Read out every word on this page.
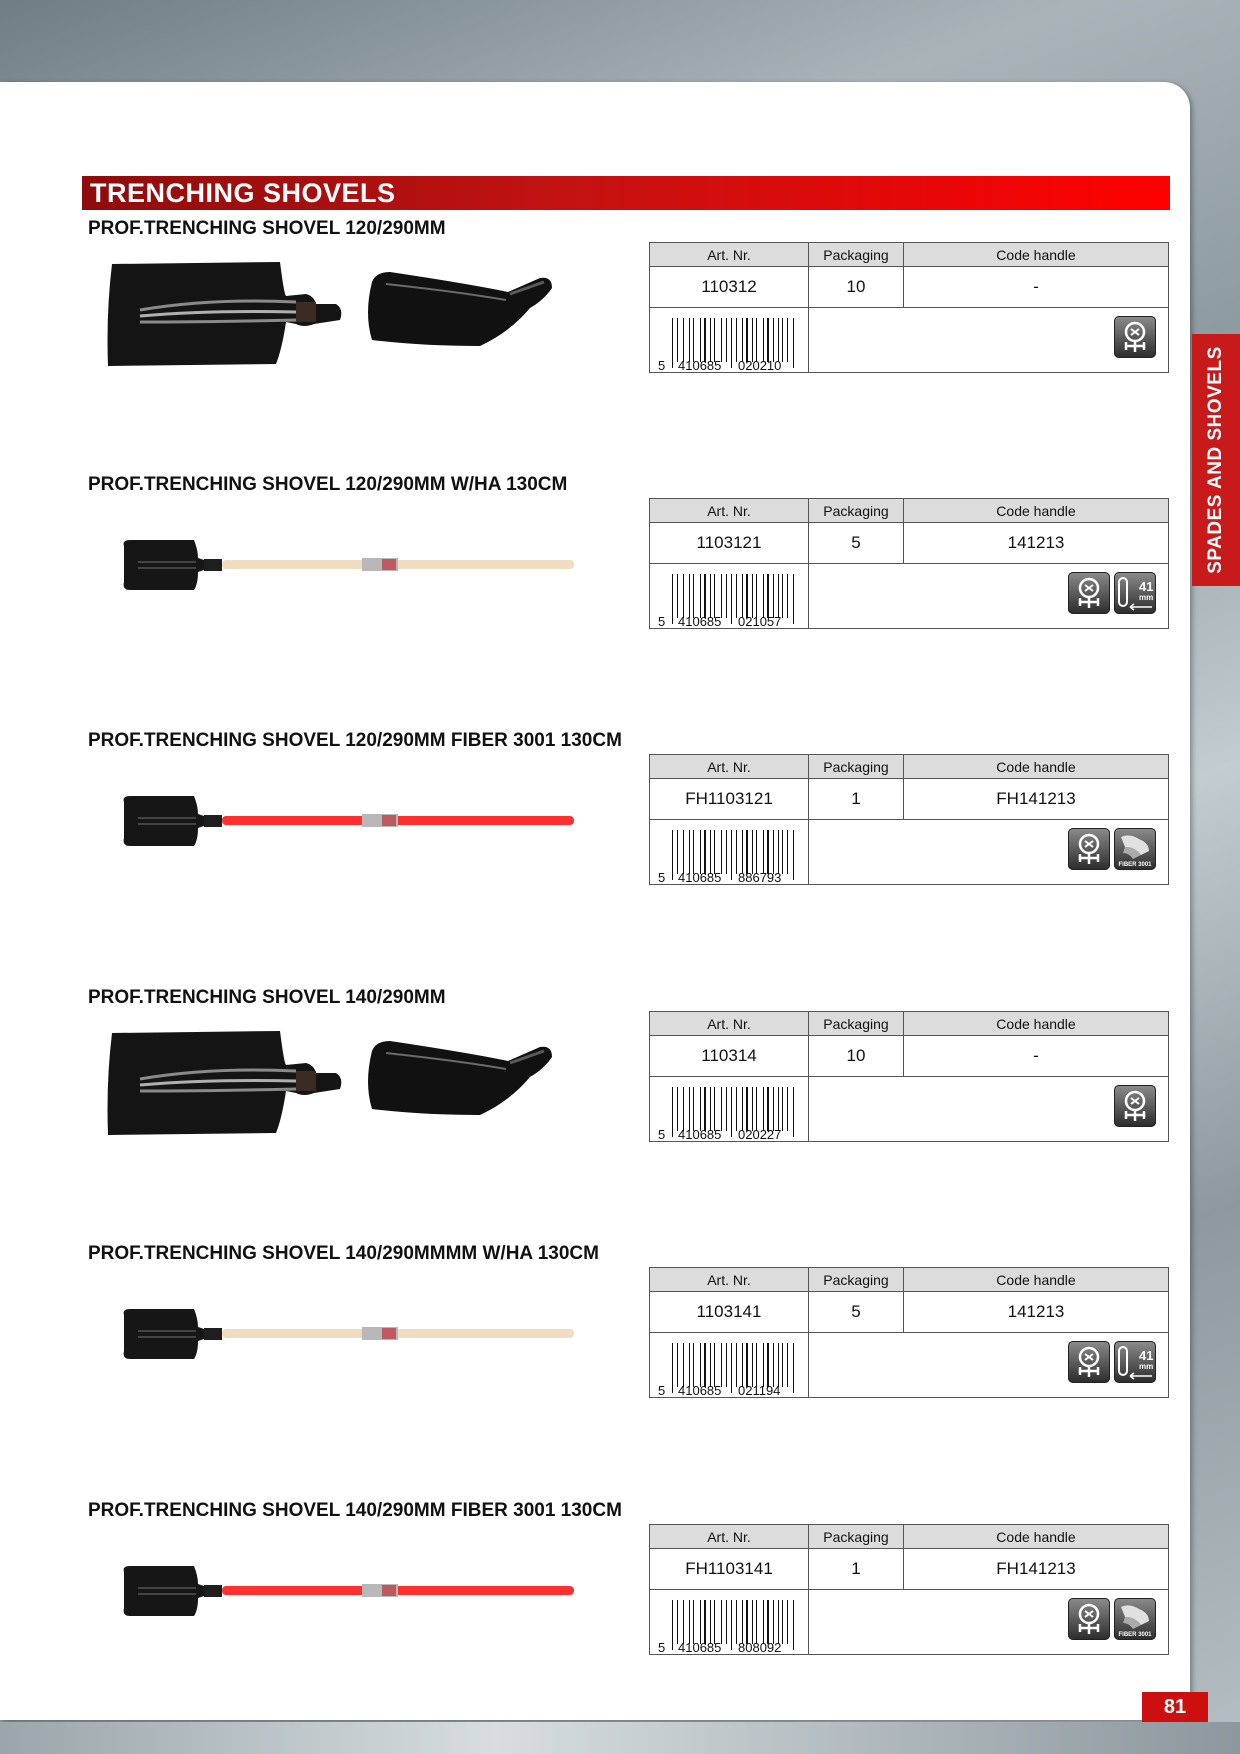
TRENCHING SHOVELS
SPADES AND SHOVELS
81
PROF.TRENCHING SHOVEL 120/290MM
Art. Nr.	Packaging	Code handle
110312	10	-

5 410685 020210

PROF.TRENCHING SHOVEL 120/290MM W/HA 130CM
Art. Nr.	Packaging	Code handle
1103121	5	141213

5 410685 021057	41
mm	
PROF.TRENCHING SHOVEL 120/290MM FIBER 3001 130CM
Art. Nr.	Packaging	Code handle
FH1103121	1	FH141213

5 410685 886793	FIBER 3001	
PROF.TRENCHING SHOVEL 140/290MM
Art. Nr.	Packaging	Code handle
110314	10	-

5 410685 020227

PROF.TRENCHING SHOVEL 140/290MMMM W/HA 130CM
Art. Nr.	Packaging	Code handle
1103141	5	141213

5 410685 021194	41
mm	
PROF.TRENCHING SHOVEL 140/290MM FIBER 3001 130CM
Art. Nr.	Packaging	Code handle
FH1103141	1	FH141213

5 410685 808092	FIBER 3001	
